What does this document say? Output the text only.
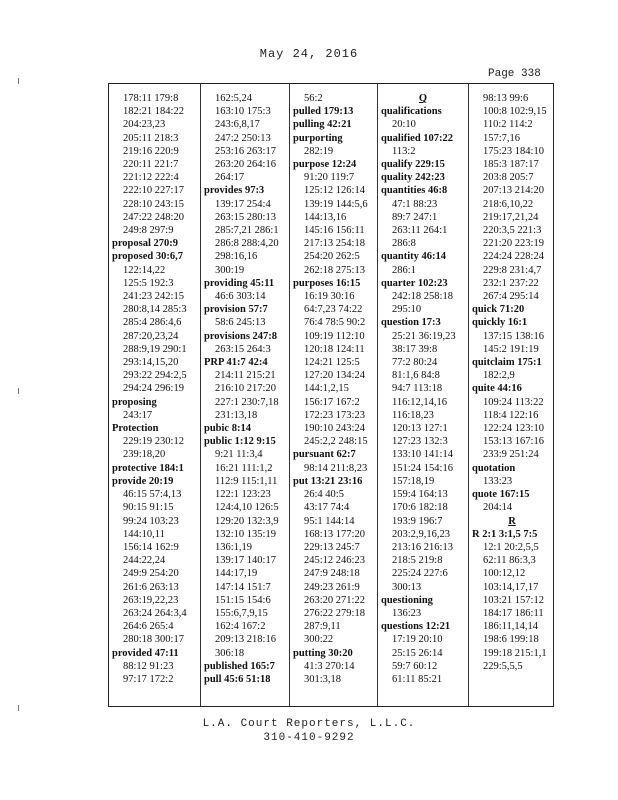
May 24, 2016
Page 338
178:11 179:8
182:21 184:22
204:23,23
205:11 218:3
219:16 220:9
220:11 221:7
221:12 222:4
222:10 227:17
228:10 243:15
247:22 248:20
249:8 297:9
proposal 270:9
proposed 30:6,7
122:14,22
125:5 192:3
241:23 242:15
280:8,14 285:3
285:4 286:4,6
287:20,23,24
288:9,19 290:1
293:14,15,20
293:22 294:2,5
294:24 296:19
proposing
243:17
Protection
229:19 230:12
239:18,20
protective 184:1
provide 20:19
46:15 57:4,13
90:15 91:15
99:24 103:23
144:10,11
156:14 162:9
244:22,24
249:9 254:20
261:6 263:13
263:19,22,23
263:24 264:3,4
264:6 265:4
280:18 300:17
provided 47:11
88:12 91:23
97:17 172:2
162:5,24
163:10 175:3
243:6,8,17
247:2 250:13
253:16 263:17
263:20 264:16
264:17
provides 97:3
139:17 254:4
263:15 280:13
285:7,21 286:1
286:8 288:4,20
298:16,16
300:19
providing 45:11
46:6 303:14
provision 57:7
58:6 245:13
provisions 247:8
263:15 264:3
PRP 41:7 42:4
214:11 215:21
216:10 217:20
227:1 230:7,18
231:13,18
pubic 8:14
public 1:12 9:15
9:21 11:3,4
16:21 111:1,2
112:9 115:1,11
122:1 123:23
124:4,10 126:5
129:20 132:3,9
132:10 135:19
136:1,19
139:17 140:17
144:17,19
147:14 151:7
151:15 154:6
155:6,7,9,15
162:4 167:2
209:13 218:16
306:18
published 165:7
pull 45:6 51:18
56:2
pulled 179:13
pulling 42:21
purporting
282:19
purpose 12:24
91:20 119:7
125:12 126:14
139:19 144:5,6
144:13,16
145:16 156:11
217:13 254:18
254:20 262:5
262:18 275:13
purposes 16:15
16:19 30:16
64:7,23 74:22
76:4 78:5 90:2
109:19 112:10
120:18 124:11
124:21 125:5
127:20 134:24
144:1,2,15
156:17 167:2
172:23 173:23
190:10 243:24
245:2,2 248:15
pursuant 62:7
98:14 211:8,23
put 13:21 23:16
26:4 40:5
43:17 74:4
95:1 144:14
168:13 177:20
229:13 245:7
245:12 246:23
247:9 248:18
249:23 261:9
263:20 271:22
276:22 279:18
287:9,11
300:22
putting 30:20
41:3 270:14
301:3,18
Q
qualifications
20:10
qualified 107:22
113:2
qualify 229:15
quality 242:23
quantities 46:8
47:1 88:23
89:7 247:1
263:11 264:1
286:8
quantity 46:14
286:1
quarter 102:23
242:18 258:18
295:10
question 17:3
25:21 36:19,23
38:17 39:8
77:2 80:24
81:1,6 84:8
94:7 113:18
116:12,14,16
116:18,23
120:13 127:1
127:23 132:3
133:10 141:14
151:24 154:16
157:18,19
159:4 164:13
170:6 182:18
193:9 196:7
203:2,9,16,23
213:16 216:13
218:5 219:8
225:24 227:6
300:13
questioning
136:23
questions 12:21
17:19 20:10
25:15 26:14
59:7 60:12
61:11 85:21
98:13 99:6
100:8 102:9,15
110:2 114:2
157:7,16
175:23 184:10
185:3 187:17
203:8 205:7
207:13 214:20
218:6,10,22
219:17,21,24
220:3,5 221:3
221:20 223:19
224:24 228:24
229:8 231:4,7
232:1 237:22
267:4 295:14
quick 71:20
quickly 16:1
137:15 138:16
145:2 191:19
quitclaim 175:1
182:2,9
quite 44:16
109:24 113:22
118:4 122:16
122:24 123:10
153:13 167:16
233:9 251:24
quotation
133:23
quote 167:15
204:14
R
R 2:1 3:1,5 7:5
12:1 20:2,5,5
62:11 86:3,3
100:12,12
103:14,17,17
103:21 157:12
184:17 186:11
186:11,14,14
198:6 199:18
199:18 215:1,1
229:5,5,5
L.A. Court Reporters, L.L.C.
310-410-9292
